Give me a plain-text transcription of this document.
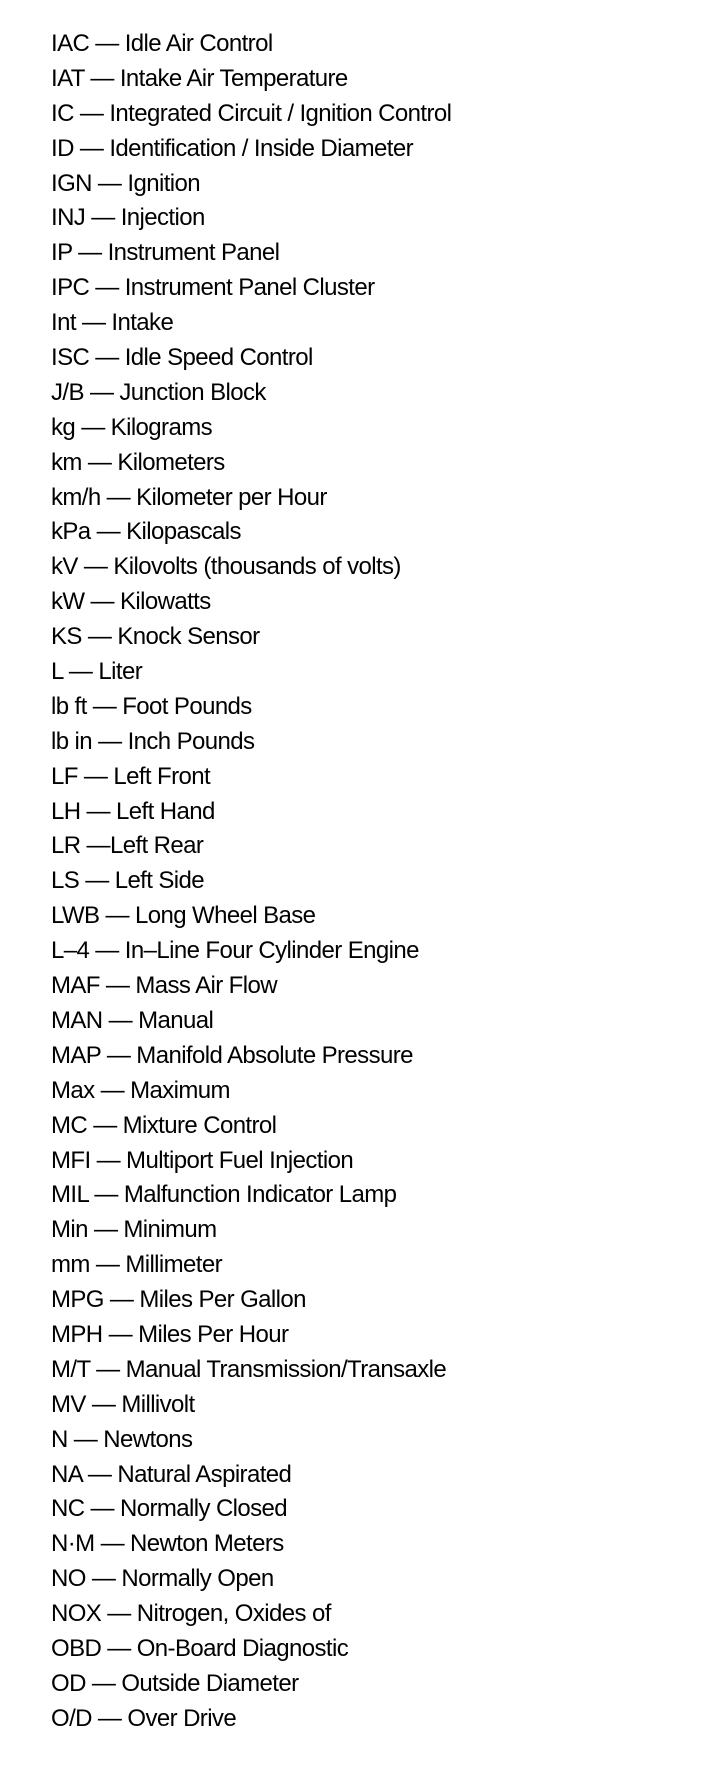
IAC — Idle Air Control
IAT — Intake Air Temperature
IC — Integrated Circuit / Ignition Control
ID — Identification / Inside Diameter
IGN — Ignition
INJ — Injection
IP — Instrument Panel
IPC — Instrument Panel Cluster
Int — Intake
ISC — Idle Speed Control
J/B — Junction Block
kg — Kilograms
km — Kilometers
km/h — Kilometer per Hour
kPa — Kilopascals
kV — Kilovolts (thousands of volts)
kW — Kilowatts
KS — Knock Sensor
L — Liter
lb ft — Foot Pounds
lb in — Inch Pounds
LF — Left Front
LH — Left Hand
LR —Left Rear
LS — Left Side
LWB — Long Wheel Base
L–4 — In–Line Four Cylinder Engine
MAF — Mass Air Flow
MAN — Manual
MAP — Manifold Absolute Pressure
Max — Maximum
MC — Mixture Control
MFI — Multiport Fuel Injection
MIL — Malfunction Indicator Lamp
Min — Minimum
mm — Millimeter
MPG — Miles Per Gallon
MPH — Miles Per Hour
M/T — Manual Transmission/Transaxle
MV — Millivolt
N — Newtons
NA — Natural Aspirated
NC — Normally Closed
N·M — Newton Meters
NO — Normally Open
NOX — Nitrogen, Oxides of
OBD — On-Board Diagnostic
OD — Outside Diameter
O/D — Over Drive
